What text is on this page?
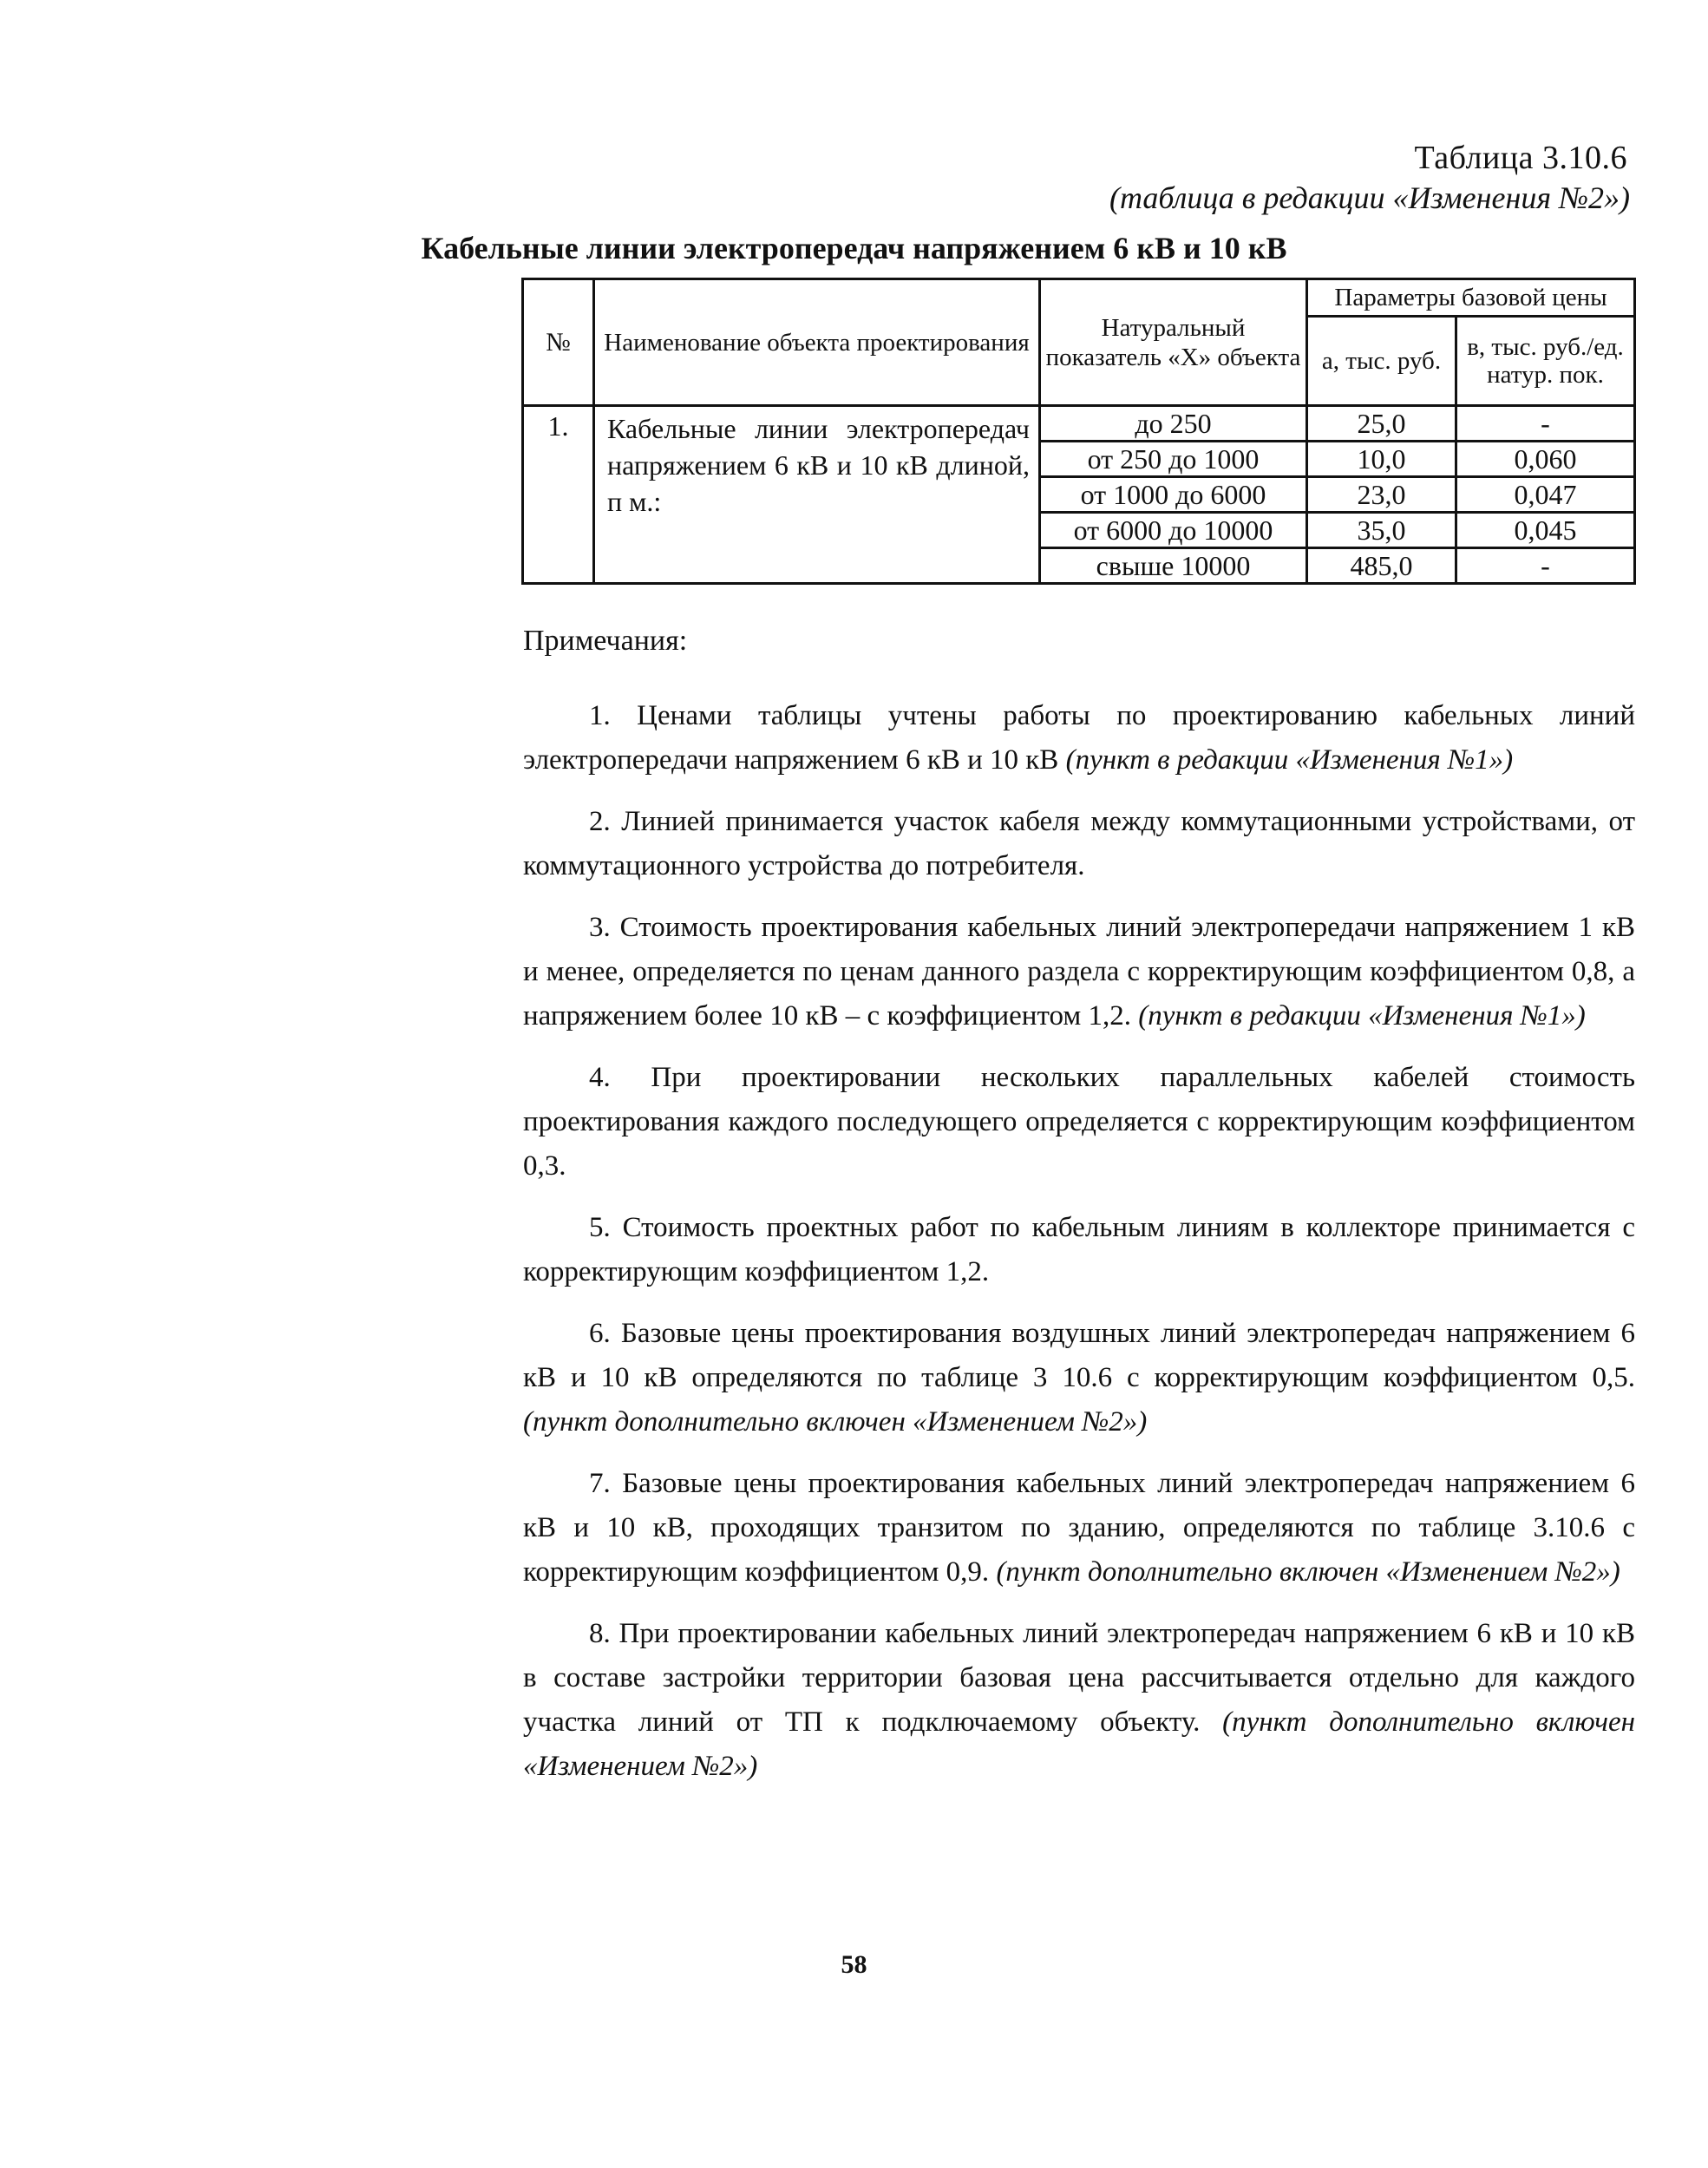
Таблица 3.10.6
(таблица в редакции «Изменения №2»)
Кабельные линии электропередач напряжением 6 кВ и 10 кВ
№	Наименование объекта проектирования	Натуральный показатель «Х» объекта	Параметры базовой цены	
			а, тыс. руб.	в, тыс. руб./ед. натур. пок.
1.	Кабельные линии электропередач напряжением 6 кВ и 10 кВ длиной, п м.:	до 250	25,0	-
		от 250 до 1000	10,0	0,060
		от 1000 до 6000	23,0	0,047
		от 6000 до 10000	35,0	0,045
		свыше 10000	485,0	-
Примечания:

1. Ценами таблицы учтены работы по проектированию кабельных линий электропередачи напряжением 6 кВ и 10 кВ (пункт в редакции «Изменения №1»)

2. Линией принимается участок кабеля между коммутационными устройствами, от коммутационного устройства до потребителя.

3. Стоимость проектирования кабельных линий электропередачи напряжением 1 кВ и менее, определяется по ценам данного раздела с корректирующим коэффициентом 0,8, а напряжением более 10 кВ – с коэффициентом 1,2. (пункт в редакции «Изменения №1»)

4. При проектировании нескольких параллельных кабелей стоимость проектирования каждого последующего определяется с корректирующим коэффициентом 0,3.

5. Стоимость проектных работ по кабельным линиям в коллекторе принимается с корректирующим коэффициентом 1,2.

6. Базовые цены проектирования воздушных линий электропередач напряжением 6 кВ и 10 кВ определяются по таблице 3 10.6 с корректирующим коэффициентом 0,5. (пункт дополнительно включен «Изменением №2»)

7. Базовые цены проектирования кабельных линий электропередач напряжением 6 кВ и 10 кВ, проходящих транзитом по зданию, определяются по таблице 3.10.6 с корректирующим коэффициентом 0,9. (пункт дополнительно включен «Изменением №2»)

8. При проектировании кабельных линий электропередач напряжением 6 кВ и 10 кВ в составе застройки территории базовая цена рассчитывается отдельно для каждого участка линий от ТП к подключаемому объекту. (пункт дополнительно включен «Изменением №2»)

58
